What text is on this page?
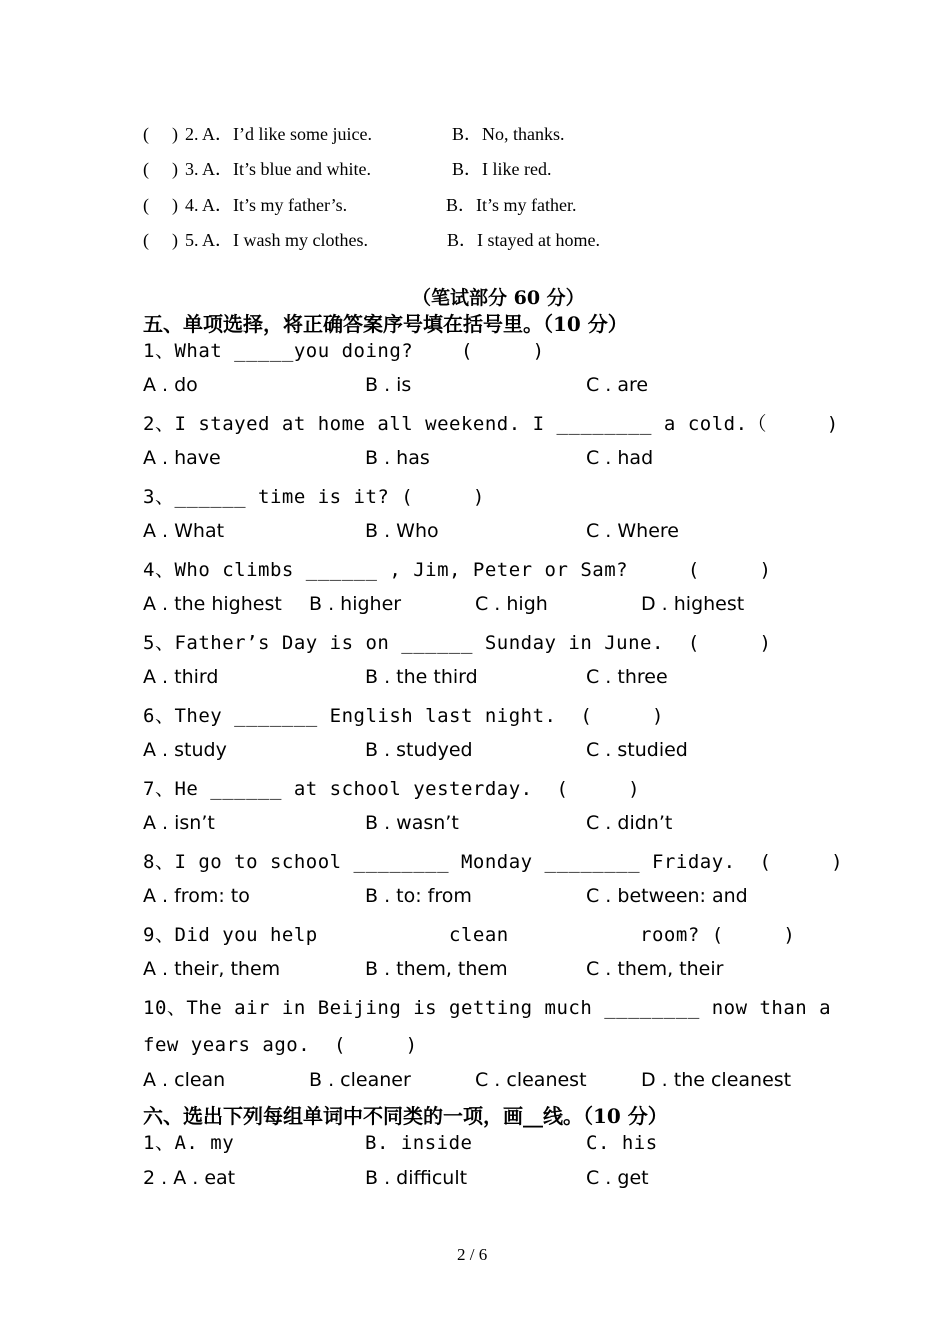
( ) 2. A．I’d like some juice.	B．No, thanks.
( ) 3. A．It’s blue and white.	B．I like red.
( ) 4. A．It’s my father’s.	B．It’s my father.
( ) 5. A．I wash my clothes.	B．I stayed at home.
（笔试部分 60 分）
五、单项选择，将正确答案序号填在括号里。（10 分）
1、What _____you doing?    (     )
A . do	B . is	C . are
2、I stayed at home all weekend. I ________ a cold.（     )
A . have	B . has	C . had
3、______ time is it? (     )
A . What	B . Who	C . Where
4、Who climbs ______ , Jim, Peter or Sam?     (     )
A . the highest B . higher	C . high	D . highest
5、Father’s Day is on ______ Sunday in June.  (     )
A . third	B . the third	C . three
6、They _______ English last night.  (     )
A . study	B . studyed	C . studied
7、He ______ at school yesterday.  (     )
A . isn’t	B . wasn’t	C . didn’t
8、I go to school ________ Monday ________ Friday.  (     )
A . from: to	B . to: from	C . between: and
9、Did you help           clean           room? (     )
A . their, them	B . them, them	C . them, their
10、The air in Beijing is getting much ________ now than a
few years ago.  (     )
A . clean	B . cleaner	C . cleanest	D . the cleanest
六、选出下列每组单词中不同类的一项，画__线。（10 分）
1、A. my	B. inside	C. his
2 . A . eat	B . difficult	C . get
2 / 6
